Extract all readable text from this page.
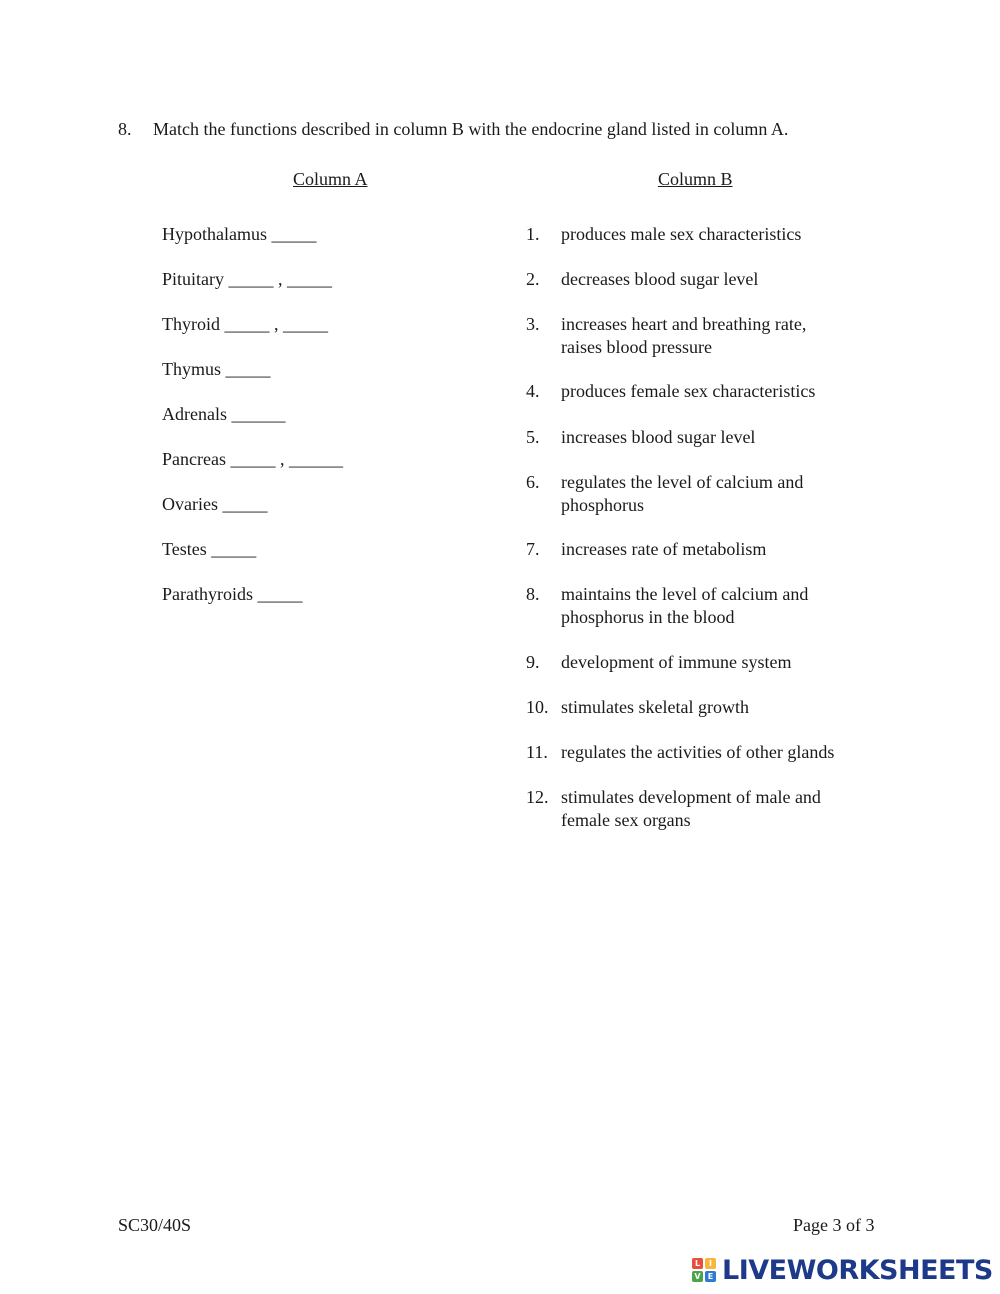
8. Match the functions described in column B with the endocrine gland listed in column A.
Column A	Column B
Hypothalamus _____
Pituitary _____ , _____
Thyroid _____ , _____
Thymus _____
Adrenals ______
Pancreas _____ , ______
Ovaries _____
Testes _____
Parathyroids _____
1. produces male sex characteristics
2. decreases blood sugar level
3. increases heart and breathing rate,
raises blood pressure
4. produces female sex characteristics
5. increases blood sugar level
6. regulates the level of calcium and
phosphorus
7. increases rate of metabolism
8. maintains the level of calcium and
phosphorus in the blood
9. development of immune system
10. stimulates skeletal growth
11. regulates the activities of other glands
12. stimulates development of male and
female sex organs
SC30/40S	Page 3 of 3
L	I
V E LIVEWORKSHEETS
